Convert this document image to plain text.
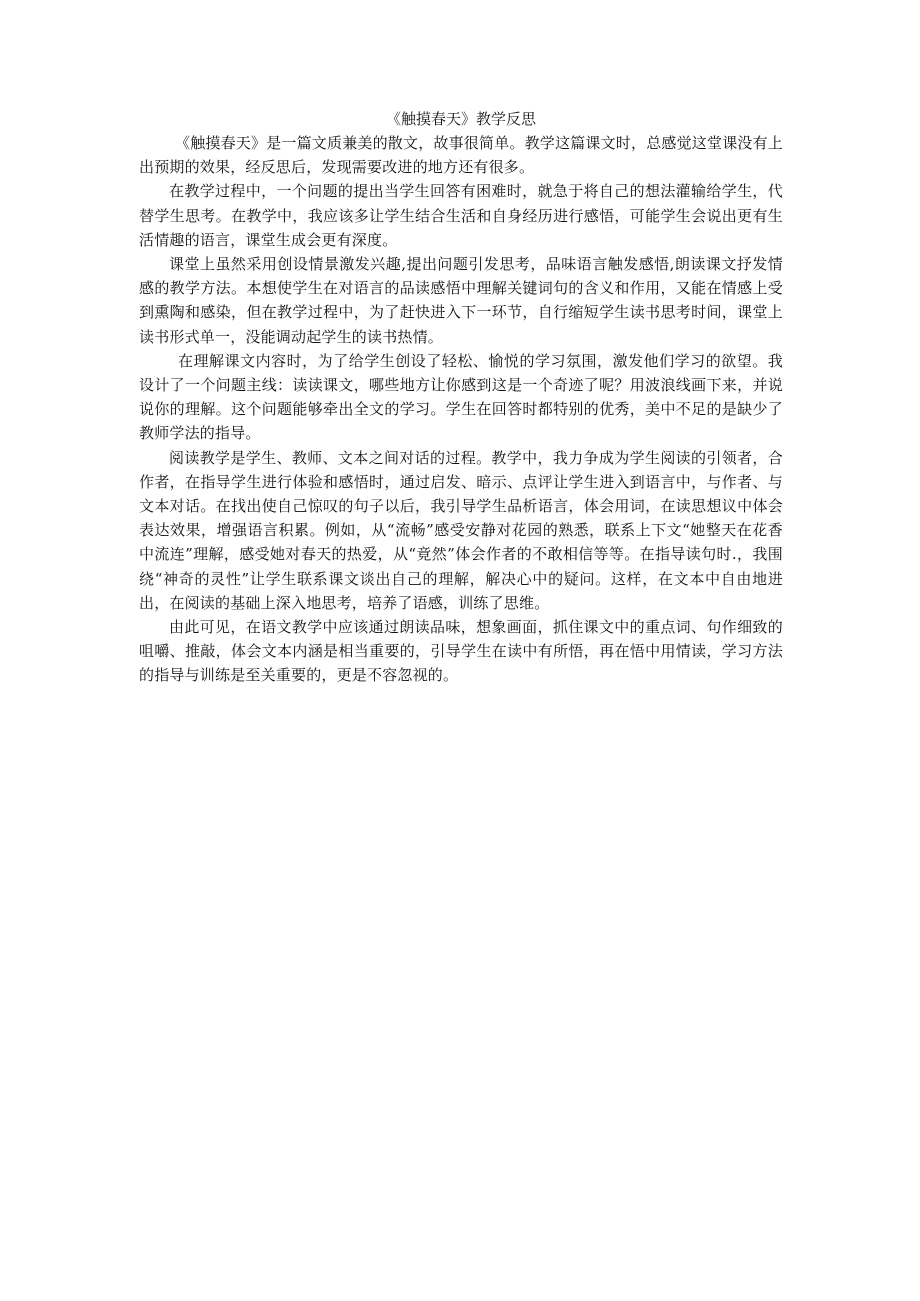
《触摸春天》教学反思

《触摸春天》是一篇文质兼美的散文，故事很简单。教学这篇课文时，总感觉这堂课没有上出预期的效果，经反思后，发现需要改进的地方还有很多。

在教学过程中，一个问题的提出当学生回答有困难时，就急于将自己的想法灌输给学生，代替学生思考。在教学中，我应该多让学生结合生活和自身经历进行感悟，可能学生会说出更有生活情趣的语言，课堂生成会更有深度。

课堂上虽然采用创设情景激发兴趣,提出问题引发思考，品味语言触发感悟,朗读课文抒发情感的教学方法。本想使学生在对语言的品读感悟中理解关键词句的含义和作用，又能在情感上受到熏陶和感染，但在教学过程中，为了赶快进入下一环节，自行缩短学生读书思考时间，课堂上读书形式单一，没能调动起学生的读书热情。

在理解课文内容时，为了给学生创设了轻松、愉悦的学习氛围，激发他们学习的欲望。我设计了一个问题主线：读读课文，哪些地方让你感到这是一个奇迹了呢？用波浪线画下来，并说说你的理解。这个问题能够牵出全文的学习。学生在回答时都特别的优秀，美中不足的是缺少了教师学法的指导。

阅读教学是学生、教师、文本之间对话的过程。教学中，我力争成为学生阅读的引领者，合作者，在指导学生进行体验和感悟时，通过启发、暗示、点评让学生进入到语言中，与作者、与文本对话。在找出使自己惊叹的句子以后，我引导学生品析语言，体会用词，在读思想议中体会表达效果，增强语言积累。例如，从“流畅”感受安静对花园的熟悉，联系上下文“她整天在花香中流连”理解，感受她对春天的热爱，从“竟然”体会作者的不敢相信等等。在指导读句时.，我围绕“神奇的灵性”让学生联系课文谈出自己的理解，解决心中的疑问。这样，在文本中自由地进出，在阅读的基础上深入地思考，培养了语感，训练了思维。

由此可见，在语文教学中应该通过朗读品味，想象画面，抓住课文中的重点词、句作细致的咀嚼、推敲，体会文本内涵是相当重要的，引导学生在读中有所悟，再在悟中用情读，学习方法的指导与训练是至关重要的，更是不容忽视的。
